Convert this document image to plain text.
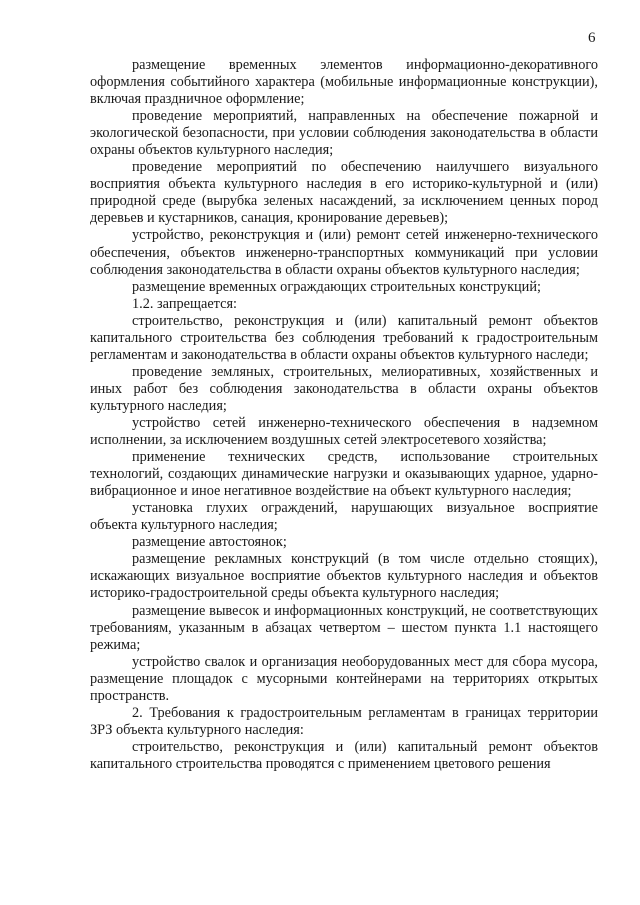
6

размещение временных элементов информационно-декоративного оформления событийного характера (мобильные информационные конструкции), включая праздничное оформление;

проведение мероприятий, направленных на обеспечение пожарной и экологической безопасности, при условии соблюдения законодательства в области охраны объектов культурного наследия;

проведение мероприятий по обеспечению наилучшего визуального восприятия объекта культурного наследия в его историко-культурной и (или) природной среде (вырубка зеленых насаждений, за исключением ценных пород деревьев и кустарников, санация, кронирование деревьев);

устройство, реконструкция и (или) ремонт сетей инженерно-технического обеспечения, объектов инженерно-транспортных коммуникаций при условии соблюдения законодательства в области охраны объектов культурного наследия;

размещение временных ограждающих строительных конструкций;

1.2. запрещается:

строительство, реконструкция и (или) капитальный ремонт объектов капитального строительства без соблюдения требований к градостроительным регламентам и законодательства в области охраны объектов культурного наследи;

проведение земляных, строительных, мелиоративных, хозяйственных и иных работ без соблюдения законодательства в области охраны объектов культурного наследия;

устройство сетей инженерно-технического обеспечения в надземном исполнении, за исключением воздушных сетей электросетевого хозяйства;

применение технических средств, использование строительных технологий, создающих динамические нагрузки и оказывающих ударное, ударно-вибрационное и иное негативное воздействие на объект культурного наследия;

установка глухих ограждений, нарушающих визуальное восприятие объекта культурного наследия;

размещение автостоянок;

размещение рекламных конструкций (в том числе отдельно стоящих), искажающих визуальное восприятие объектов культурного наследия и объектов историко-градостроительной среды объекта культурного наследия;

размещение вывесок и информационных конструкций, не соответствующих требованиям, указанным в абзацах четвертом – шестом пункта 1.1 настоящего режима;

устройство свалок и организация необорудованных мест для сбора мусора, размещение площадок с мусорными контейнерами на территориях открытых пространств.

2. Требования к градостроительным регламентам в границах территории ЗРЗ объекта культурного наследия:

строительство, реконструкция и (или) капитальный ремонт объектов капитального строительства проводятся с применением цветового решения
